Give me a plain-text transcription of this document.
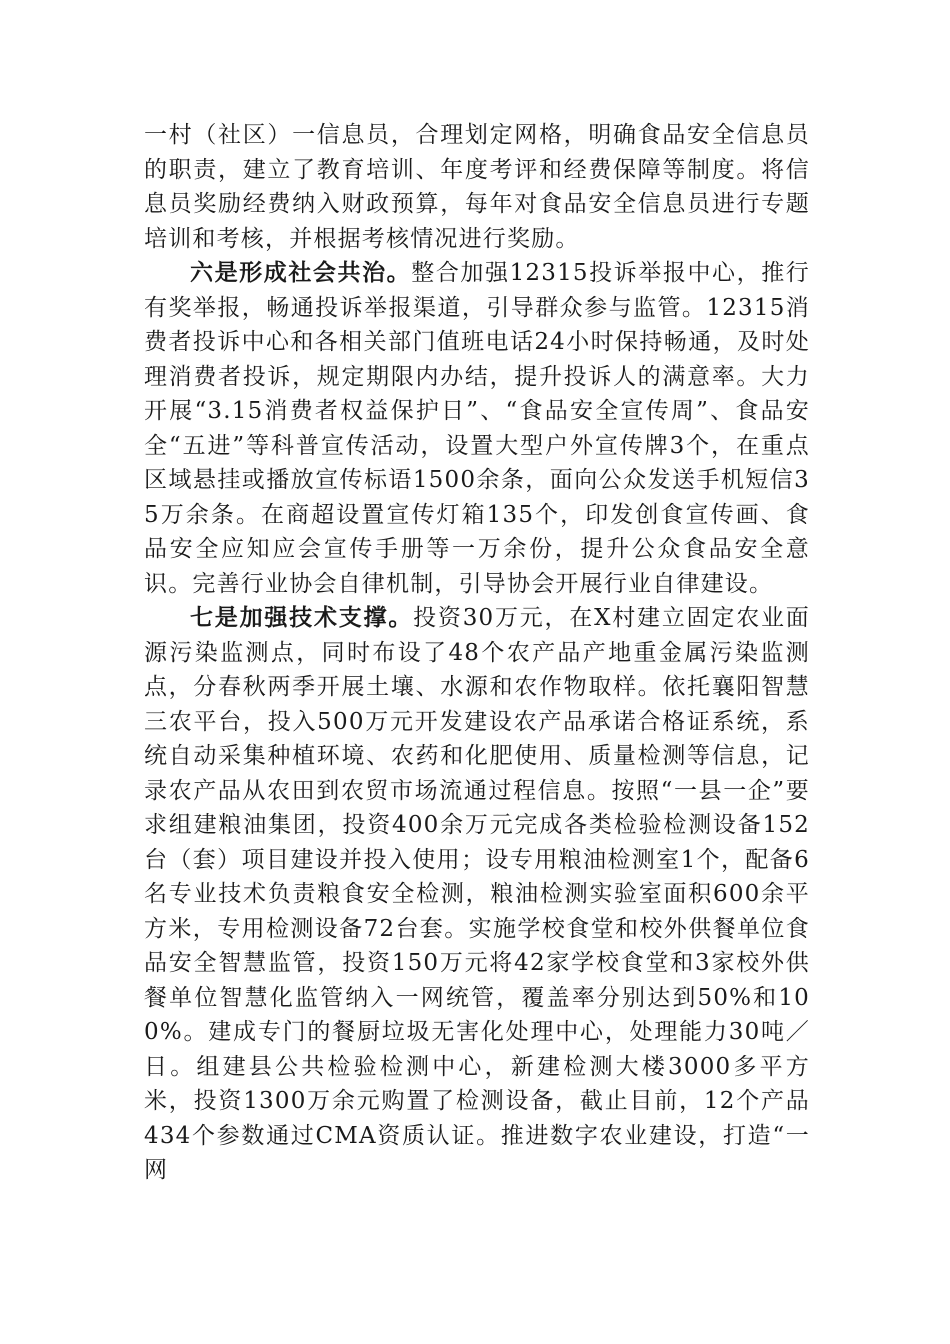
一村（社区）一信息员，合理划定网格，明确食品安全信息员的职责，建立了教育培训、年度考评和经费保障等制度。将信息员奖励经费纳入财政预算，每年对食品安全信息员进行专题培训和考核，并根据考核情况进行奖励。

六是形成社会共治。整合加强12315投诉举报中心，推行有奖举报，畅通投诉举报渠道，引导群众参与监管。12315消费者投诉中心和各相关部门值班电话24小时保持畅通，及时处理消费者投诉，规定期限内办结，提升投诉人的满意率。大力开展“3.15消费者权益保护日”、“食品安全宣传周”、食品安全“五进”等科普宣传活动，设置大型户外宣传牌3个，在重点区域悬挂或播放宣传标语1500余条，面向公众发送手机短信35万余条。在商超设置宣传灯箱135个，印发创食宣传画、食品安全应知应会宣传手册等一万余份，提升公众食品安全意识。完善行业协会自律机制，引导协会开展行业自律建设。

七是加强技术支撑。投资30万元，在X村建立固定农业面源污染监测点，同时布设了48个农产品产地重金属污染监测点，分春秋两季开展土壤、水源和农作物取样。依托襄阳智慧三农平台，投入500万元开发建设农产品承诺合格证系统，系统自动采集种植环境、农药和化肥使用、质量检测等信息，记录农产品从农田到农贸市场流通过程信息。按照“一县一企”要求组建粮油集团，投资400余万元完成各类检验检测设备152台（套）项目建设并投入使用；设专用粮油检测室1个，配备6名专业技术负责粮食安全检测，粮油检测实验室面积600余平方米，专用检测设备72台套。实施学校食堂和校外供餐单位食品安全智慧监管，投资150万元将42家学校食堂和3家校外供餐单位智慧化监管纳入一网统管，覆盖率分别达到50%和100%。建成专门的餐厨垃圾无害化处理中心，处理能力30吨／日。组建县公共检验检测中心，新建检测大楼3000多平方米，投资1300万余元购置了检测设备，截止目前，12个产品434个参数通过CMA资质认证。推进数字农业建设，打造“一网
